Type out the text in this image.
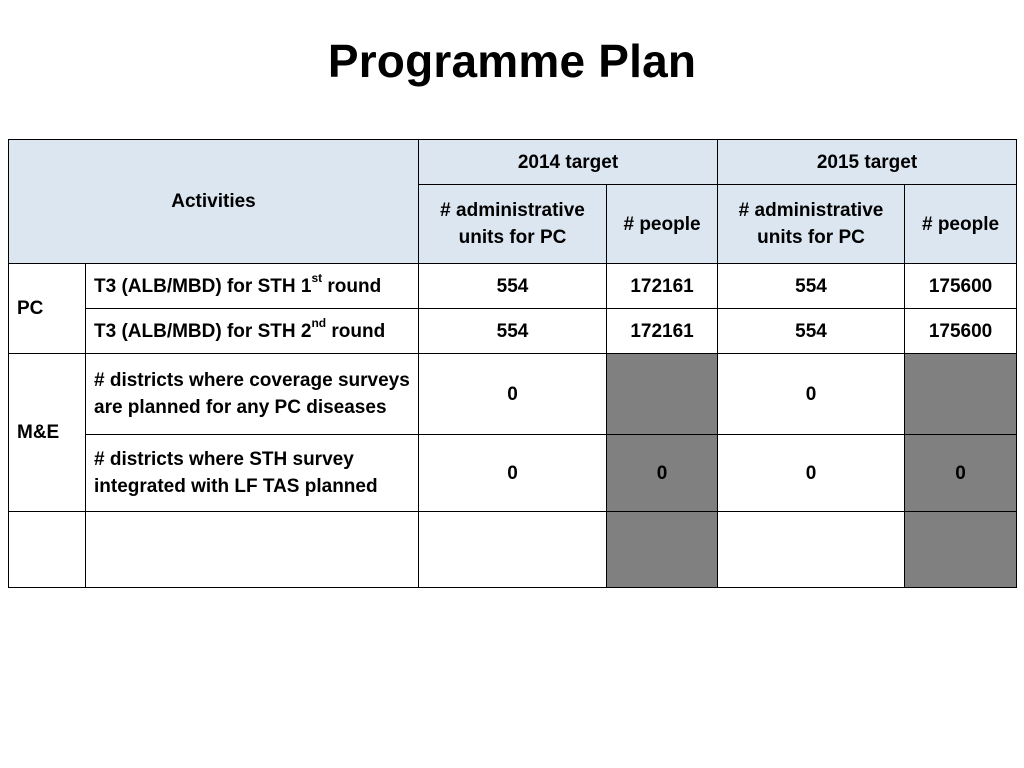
Programme Plan
Activities		2014 target		2015 target	
		# administrative units for PC	# people	# administrative units for PC	# people
PC	T3 (ALB/MBD) for STH 1st round	554	172161	554	175600
	T3 (ALB/MBD) for STH 2nd round	554	172161	554	175600
M&E	# districts where coverage surveys are planned for any PC diseases	0		0	
	# districts where STH survey integrated with LF TAS planned	0	0	0	0
